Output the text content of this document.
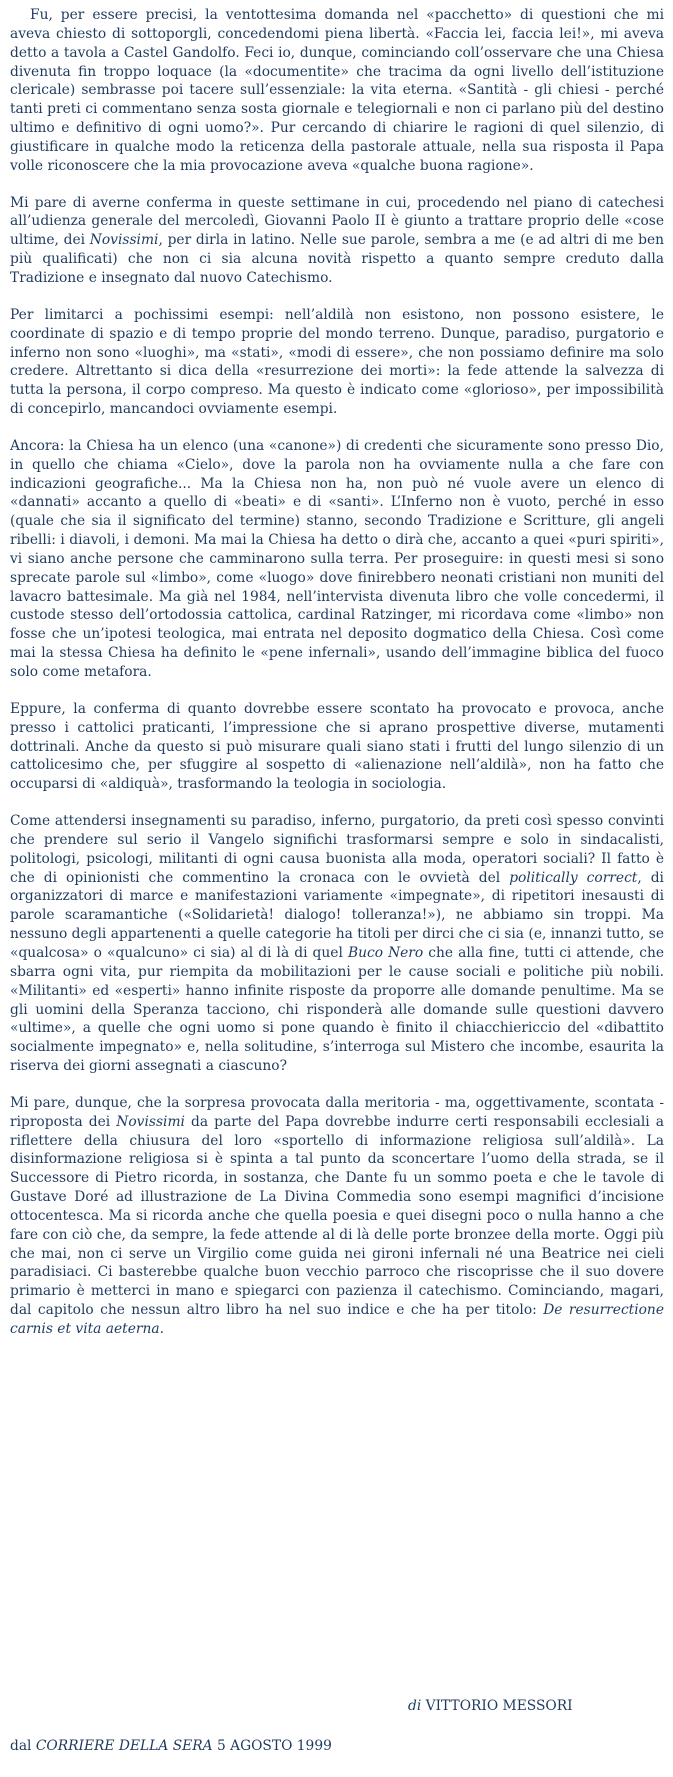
Fu, per essere precisi, la ventottesima domanda nel «pacchetto» di questioni che mi aveva chiesto di sottoporgli, concedendomi piena libertà. «Faccia lei, faccia lei!», mi aveva detto a tavola a Castel Gandolfo. Feci io, dunque, cominciando coll’osservare che una Chiesa divenuta fin troppo loquace (la «documentite» che tracima da ogni livello dell’istituzione clericale) sembrasse poi tacere sull’essenziale: la vita eterna. «Santità - gli chiesi - perché tanti preti ci commentano senza sosta giornale e telegiornali e non ci parlano più del destino ultimo e definitivo di ogni uomo?». Pur cercando di chiarire le ragioni di quel silenzio, di giustificare in qualche modo la reticenza della pastorale attuale, nella sua risposta il Papa volle riconoscere che la mia provocazione aveva «qualche buona ragione».

Mi pare di averne conferma in queste settimane in cui, procedendo nel piano di catechesi all’udienza generale del mercoledì, Giovanni Paolo II è giunto a trattare proprio delle «cose ultime, dei Novissimi, per dirla in latino. Nelle sue parole, sembra a me (e ad altri di me ben più qualificati) che non ci sia alcuna novità rispetto a quanto sempre creduto dalla Tradizione e insegnato dal nuovo Catechismo.

Per limitarci a pochissimi esempi: nell’aldilà non esistono, non possono esistere, le coordinate di spazio e di tempo proprie del mondo terreno. Dunque, paradiso, purgatorio e inferno non sono «luoghi», ma «stati», «modi di essere», che non possiamo definire ma solo credere. Altrettanto si dica della «resurrezione dei morti»: la fede attende la salvezza di tutta la persona, il corpo compreso. Ma questo è indicato come «glorioso», per impossibilità di concepirlo, mancandoci ovviamente esempi.

Ancora: la Chiesa ha un elenco (una «canone») di credenti che sicuramente sono presso Dio, in quello che chiama «Cielo», dove la parola non ha ovviamente nulla a che fare con indicazioni geografiche... Ma la Chiesa non ha, non può né vuole avere un elenco di «dannati» accanto a quello di «beati» e di «santi». L’Inferno non è vuoto, perché in esso (quale che sia il significato del termine) stanno, secondo Tradizione e Scritture, gli angeli ribelli: i diavoli, i demoni. Ma mai la Chiesa ha detto o dirà che, accanto a quei «puri spiriti», vi siano anche persone che camminarono sulla terra. Per proseguire: in questi mesi si sono sprecate parole sul «limbo», come «luogo» dove finirebbero neonati cristiani non muniti del lavacro battesimale. Ma già nel 1984, nell’intervista divenuta libro che volle concedermi, il custode stesso dell’ortodossia cattolica, cardinal Ratzinger, mi ricordava come «limbo» non fosse che un’ipotesi teologica, mai entrata nel deposito dogmatico della Chiesa. Così come mai la stessa Chiesa ha definito le «pene infernali», usando dell’immagine biblica del fuoco solo come metafora.

Eppure, la conferma di quanto dovrebbe essere scontato ha provocato e provoca, anche presso i cattolici praticanti, l’impressione che si aprano prospettive diverse, mutamenti dottrinali. Anche da questo si può misurare quali siano stati i frutti del lungo silenzio di un cattolicesimo che, per sfuggire al sospetto di «alienazione nell’aldilà», non ha fatto che occuparsi di «aldiquà», trasformando la teologia in sociologia.

Come attendersi insegnamenti su paradiso, inferno, purgatorio, da preti così spesso convinti che prendere sul serio il Vangelo significhi trasformarsi sempre e solo in sindacalisti, politologi, psicologi, militanti di ogni causa buonista alla moda, operatori sociali? Il fatto è che di opinionisti che commentino la cronaca con le ovvietà del politically correct, di organizzatori di marce e manifestazioni variamente «impegnate», di ripetitori inesausti di parole scaramantiche («Solidarietà! dialogo! tolleranza!»), ne abbiamo sin troppi. Ma nessuno degli appartenenti a quelle categorie ha titoli per dirci che ci sia (e, innanzi tutto, se «qualcosa» o «qualcuno» ci sia) al di là di quel Buco Nero che alla fine, tutti ci attende, che sbarra ogni vita, pur riempita da mobilitazioni per le cause sociali e politiche più nobili. «Militanti» ed «esperti» hanno infinite risposte da proporre alle domande penultime. Ma se gli uomini della Speranza tacciono, chi risponderà alle domande sulle questioni davvero «ultime», a quelle che ogni uomo si pone quando è finito il chiacchiericcio del «dibattito socialmente impegnato» e, nella solitudine, s’interroga sul Mistero che incombe, esaurita la riserva dei giorni assegnati a ciascuno?

Mi pare, dunque, che la sorpresa provocata dalla meritoria - ma, oggettivamente, scontata - riproposta dei Novissimi da parte del Papa dovrebbe indurre certi responsabili ecclesiali a riflettere della chiusura del loro «sportello di informazione religiosa sull’aldilà». La disinformazione religiosa si è spinta a tal punto da sconcertare l’uomo della strada, se il Successore di Pietro ricorda, in sostanza, che Dante fu un sommo poeta e che le tavole di Gustave Doré ad illustrazione de La Divina Commedia sono esempi magnifici d’incisione ottocentesca. Ma si ricorda anche che quella poesia e quei disegni poco o nulla hanno a che fare con ciò che, da sempre, la fede attende al di là delle porte bronzee della morte. Oggi più che mai, non ci serve un Virgilio come guida nei gironi infernali né una Beatrice nei cieli paradisiaci. Ci basterebbe qualche buon vecchio parroco che riscoprisse che il suo dovere primario è metterci in mano e spiegarci con pazienza il catechismo. Cominciando, magari, dal capitolo che nessun altro libro ha nel suo indice e che ha per titolo: De resurrectione carnis et vita aeterna.

di VITTORIO MESSORI
dal CORRIERE DELLA SERA 5 AGOSTO 1999
